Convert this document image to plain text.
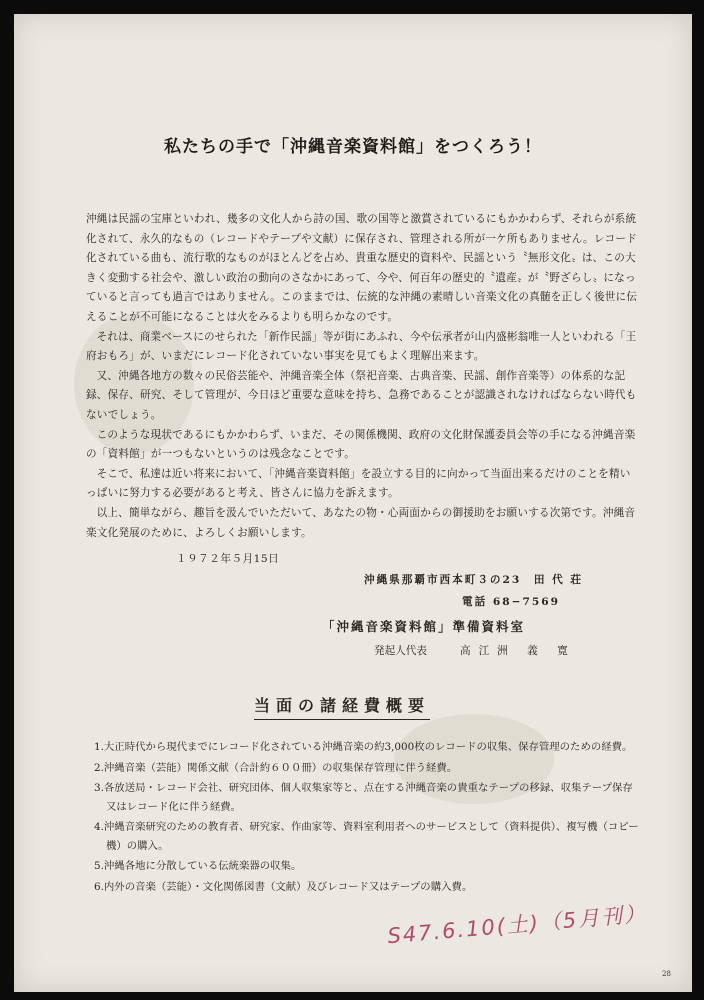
私たちの手で「沖縄音楽資料館」をつくろう！

沖縄は民謡の宝庫といわれ、幾多の文化人から詩の国、歌の国等と激賞されているにもかかわらず、それらが系統化されて、永久的なもの（レコードやテープや文献）に保存され、管理される所が一ケ所もありません。レコード化されている曲も、流行歌的なものがほとんどを占め、貴重な歴史的資料や、民謡という〝無形文化〟は、この大きく変動する社会や、激しい政治の動向のさなかにあって、今や、何百年の歴史的〝遺産〟が〝野ざらし〟になっていると言っても過言ではありません。このままでは、伝統的な沖縄の素晴しい音楽文化の真髄を正しく後世に伝えることが不可能になることは火をみるよりも明らかなのです。

それは、商業ベースにのせられた「新作民謡」等が街にあふれ、今や伝承者が山内盛彬翁唯一人といわれる「王府おもろ」が、いまだにレコード化されていない事実を見てもよく理解出来ます。

又、沖縄各地方の数々の民俗芸能や、沖縄音楽全体（祭祀音楽、古典音楽、民謡、創作音楽等）の体系的な記録、保存、研究、そして管理が、今日ほど重要な意味を持ち、急務であることが認識されなければならない時代もないでしょう。

このような現状であるにもかかわらず、いまだ、その関係機関、政府の文化財保護委員会等の手になる沖縄音楽の「資料館」が一つもないというのは残念なことです。

そこで、私達は近い将来において、「沖縄音楽資料館」を設立する目的に向かって当面出来るだけのことを精いっぱいに努力する必要があると考え、皆さんに協力を訴えます。

以上、簡単ながら、趣旨を汲んでいただいて、あなたの物・心両面からの御援助をお願いする次第です。沖縄音楽文化発展のために、よろしくお願いします。

１９７２年５月15日
沖縄県那覇市西本町３の23　田 代 荘
電話 68−7569
「沖縄音楽資料館」準備資料室
発起人代表	高江洲 義 寛
当面の諸経費概要
1.大正時代から現代までにレコード化されている沖縄音楽の約3,000枚のレコードの収集、保存管理のための経費。
2.沖縄音楽（芸能）関係文献（合計約６００冊）の収集保存管理に伴う経費。
3.各放送局・レコード会社、研究団体、個人収集家等と、点在する沖縄音楽の貴重なテープの移録、収集テープ保存又はレコード化に伴う経費。
4.沖縄音楽研究のための教育者、研究家、作曲家等、資料室利用者へのサービスとして（資料提供）、複写機（コピー機）の購入。
5.沖縄各地に分散している伝統楽器の収集。
6.内外の音楽（芸能）・文化関係図書（文献）及びレコード又はテープの購入費。
S47.6.10(土)（5月刊）
28
